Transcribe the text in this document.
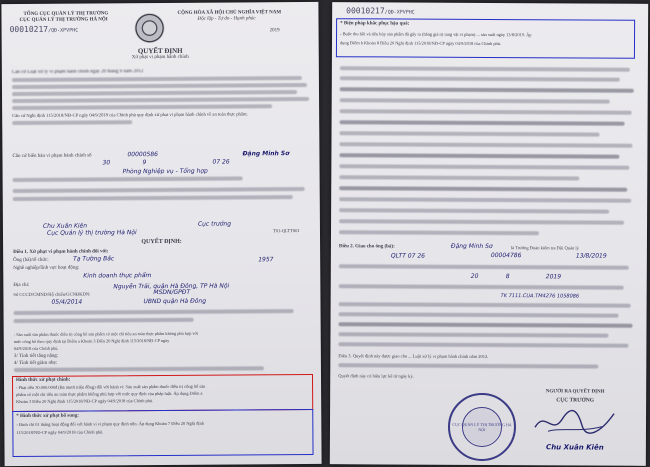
TỔNG CỤC QUẢN LÝ THỊ TRƯỜNG
CỤC QUẢN LÝ THỊ TRƯỜNG HÀ NỘI
00010217/QĐ-XPVPHC
CỘNG HÒA XÃ HỘI CHỦ NGHĨA VIỆT NAM
Độc lập - Tự do - Hạnh phúc
2019
QUYẾT ĐỊNH
Xử phạt vi phạm hành chính
Căn cứ Luật xử lý vi phạm hành chính ngày 20 tháng 6 năm 2012
Căn cứ Nghị định 115/2018/NĐ-CP ngày 04/9/2018 của Chính phủ quy định xử phạt vi phạm hành chính về an toàn thực phẩm;
Căn cứ biên bản vi phạm hành chính số	00000586	Đặng Minh Sơ
30	9	07 26
Phòng Nghiệp vụ - Tổng hợp
Chu Xuân Kiên	Cục trưởng
Cục Quản lý thị trường Hà Nội	T01-QLTT001
QUYẾT ĐỊNH:
Điều 1. Xử phạt vi phạm hành chính đối với:
Ông (bà)/tổ chức:	Tạ Tường Bắc	1957
Nghề nghiệp/lĩnh vực hoạt động:
Kinh doanh thực phẩm
Địa chỉ:	Nguyễn Trãi, quận Hà Đông, TP Hà Nội
Số CCCD/CMND/Hộ chiếu/GCNĐKDN:	MSDN/GPĐT
05/4/2014	UBND quận Hà Đông
- Sản xuất sản phẩm thuốc điều trị công bố sản phẩm có một chỉ tiêu an toàn thực phẩm không phù hợp với
mức công bố theo quy định tại Điểm a Khoản 3 Điều 20 Nghị định 115/2018/NĐ-CP ngày
04/9/2018 của Chính phủ.
3/ Tình tiết tăng nặng:
4/ Tình tiết giảm nhẹ:
Hình thức xử phạt chính:
- Phạt tiền 30.000.000đ (Ba mươi triệu đồng) đối với hành vi: Sản xuất sản phẩm thuốc điều trị công bố sản
phẩm có một chỉ tiêu an toàn thực phẩm không phù hợp với mức quy định của pháp luật. Áp dụng Điểm a
Khoản 3 Điều 20 Nghị định 115/2018/NĐ-CP ngày 04/9/2018 của Chính phủ.
* Hình thức xử phạt bổ sung:
- Đình chỉ 01 tháng hoạt động đối với hành vi vi phạm quy định trên. Áp dụng Khoản 7 Điều 20 Nghị định
115/2018/NĐ-CP ngày 04/9/2018 của Chính phủ.
00010217/QĐ-XPVPHC
* Biện pháp khắc phục hậu quả:
- Buộc thu hồi và tiêu hủy sản phẩm đã gây ra (bằng giá trị tang vật vi phạm) ... sản xuất ngày 13/8/2019. Áp
dụng Điểm b Khoản 8 Điều 20 Nghị định 115/2018/NĐ-CP ngày 04/9/2018 của Chính phủ.
Điều 2. Giao cho ông (bà):	Đặng Minh Sơ	là Trưởng Đoàn kiểm tra Đội Quản lý
QLTT 07 26	00004786	13/8/2019
20	8	2019
TK 7111.CUA.TM4276 1058086
Điều 3. Quyết định này được giao cho ... Luật xử lý vi phạm hành chính năm 2012.
Quyết định này có hiệu lực kể từ ngày ký.
CỤC QUẢN LÝ THỊ TRƯỜNG HÀ NỘI
NGƯỜI RA QUYẾT ĐỊNH
CỤC TRƯỞNG
Chu Xuân Kiên
